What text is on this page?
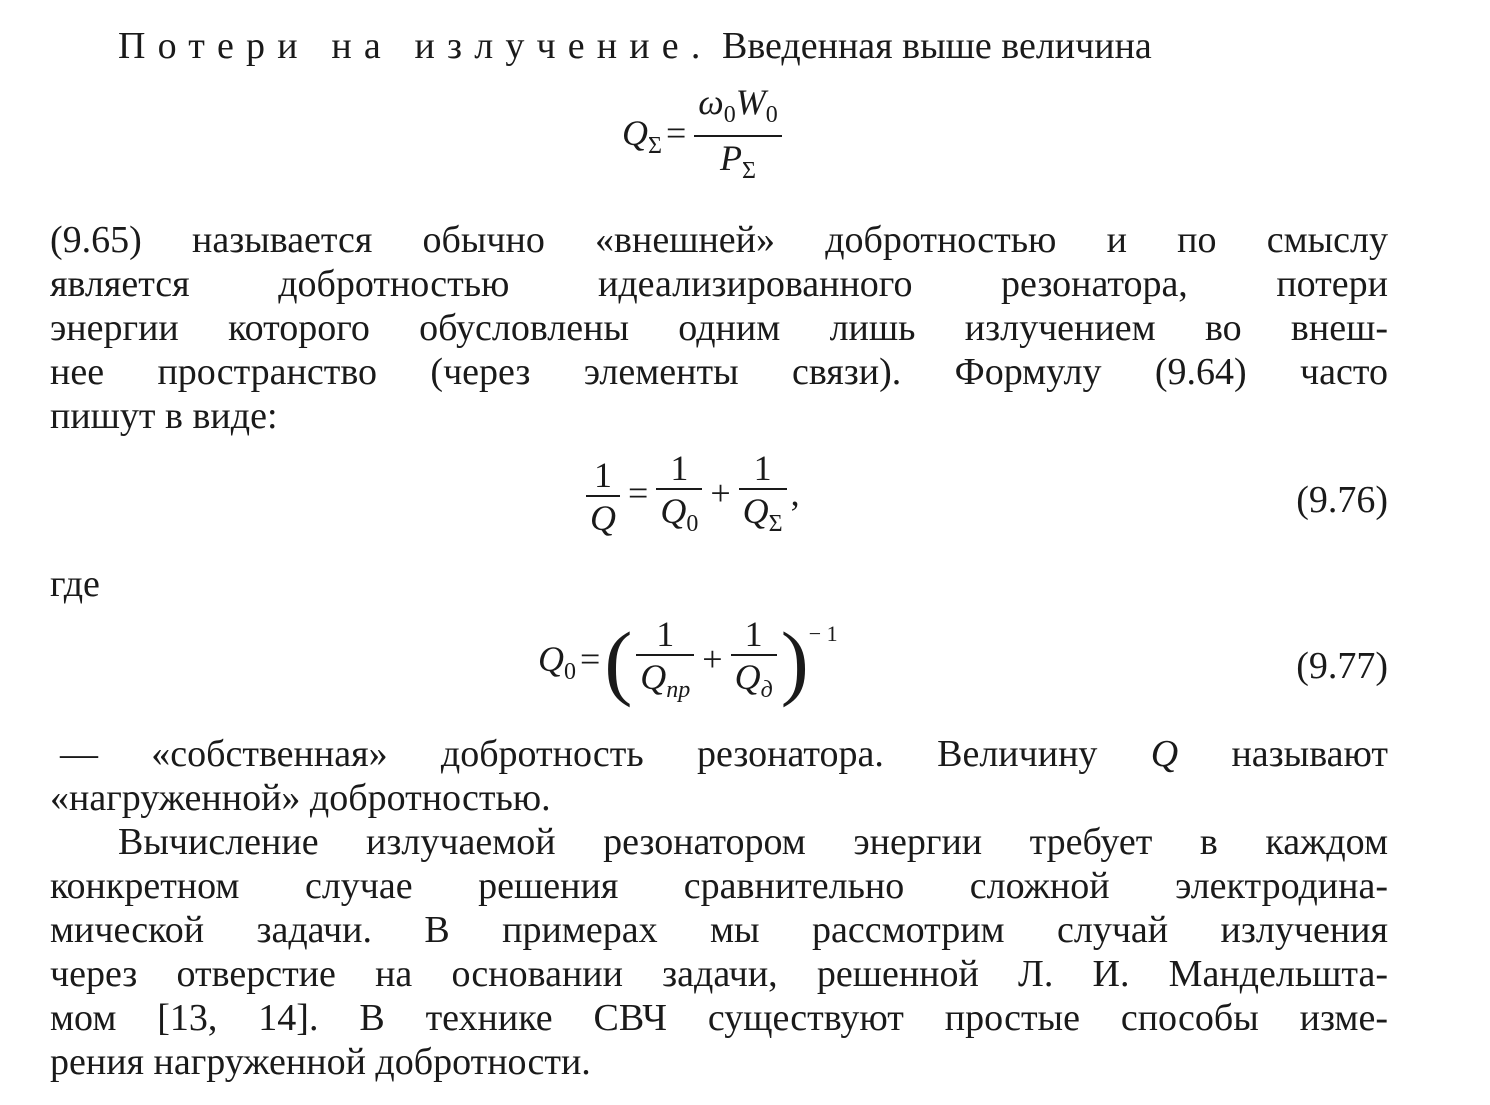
Потери на излучение. Введенная выше величина
$Q_\Sigma = \frac{\omega_0W_0}{P_\Sigma}$
(9.65) называется обычно «внешней» добротностью и по смыслу
является добротностью идеализированного резонатора, потери
энергии которого обусловлены одним лишь излучением во внеш-
нее пространство (через элементы связи). Формулу (9.64) часто
пишут в виде:
$\frac{1}{Q} = \frac{1}{Q_0} + \frac{1}{Q_\Sigma}$ ,	(9.76)
где
$Q_0$ =( $\frac{1}{Q_{пр}} + \frac{1}{Q_д} )^{- 1}$
(9.77)
— «собственная» добротность резонатора. Величину Q называют
«нагруженной» добротностью.
Вычисление излучаемой резонатором энергии требует в каждом
конкретном случае решения сравнительно сложной электродина-
мической задачи. В примерах мы рассмотрим случай излучения
через отверстие на основании задачи, решенной Л. И. Мандельшта-
мом [13, 14]. В технике СВЧ существуют простые способы изме-
рения нагруженной добротности.
